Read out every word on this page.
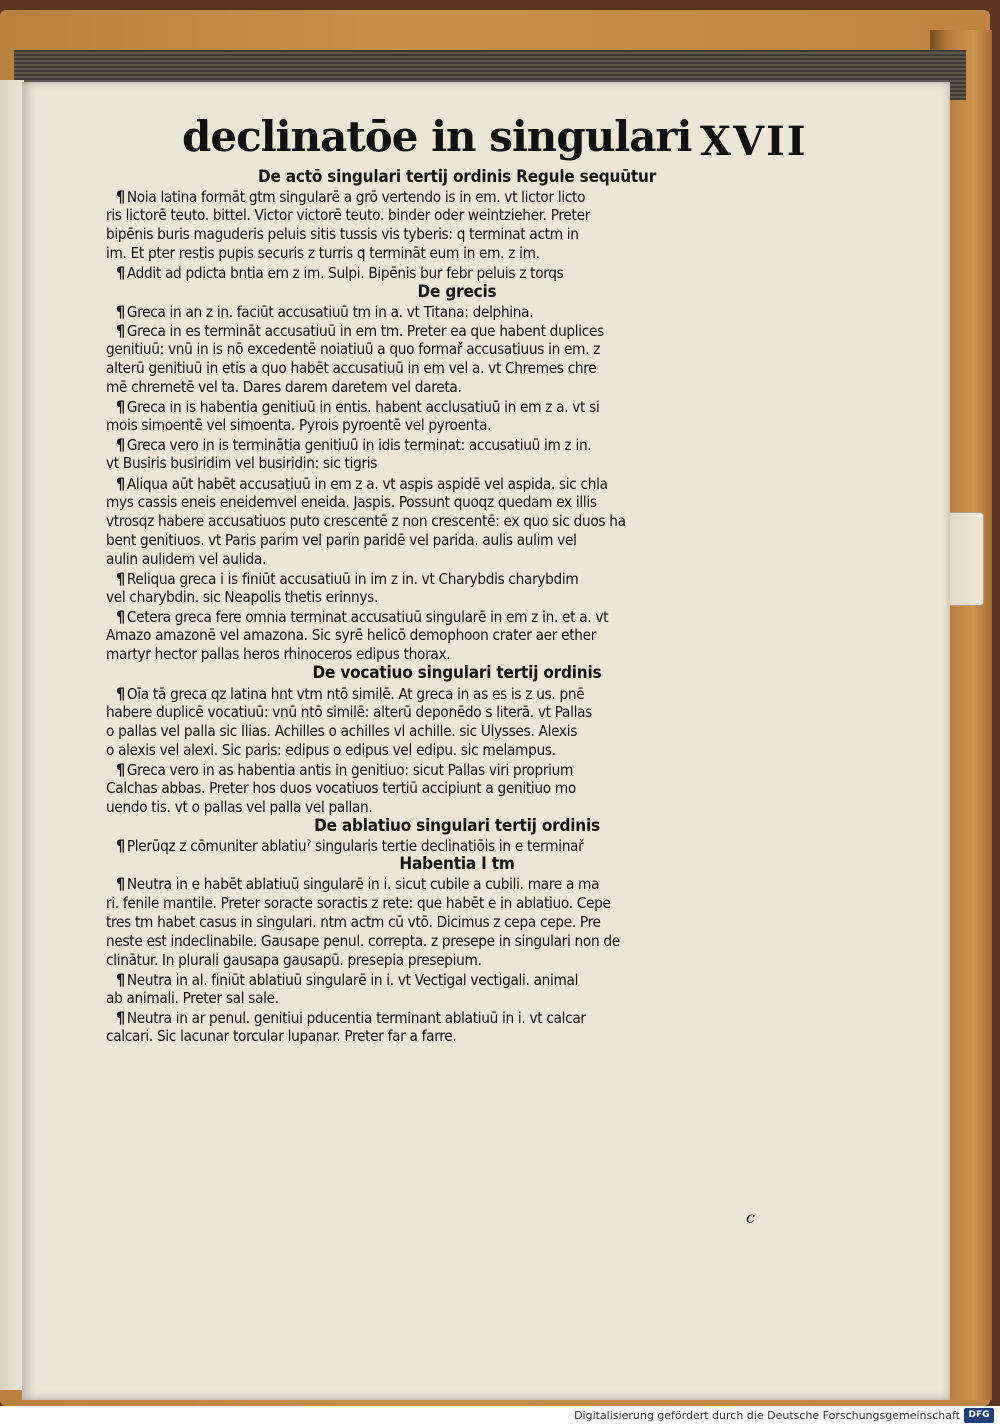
declinatōe in singulari XVII
De actō singulari tertij ordinis Regule sequūtur
¶ Noia latina formāt gtm singularē a grō vertendo is in em. vt lictor licto
ris lictorē teuto. bittel. Victor victorē teuto. binder oder weintzieher. Preter
bipēnis buris maguderis peluis sitis tussis vis tyberis: q terminat actm in
im. Et pter restis pupis securis z turris q termināt eum in em. z im.
¶ Addit ad pdicta bntia em z im. Sulpi. Bipēnis bur febr peluis z torqs
De grecis
¶ Greca in an z in. faciūt accusatiuū tm in a. vt Titana: delphina.
¶ Greca in es termināt accusatiuū in em tm. Preter ea que habent duplices
genitiuū: vnū in is nō excedentē noiatiuū a quo formař accusatiuus in em. z
alterū genitiuū in etis a quo habēt accusatiuū in em vel a. vt Chremes chre
mē chremetē vel ta. Dares darem daretem vel dareta.
¶ Greca in is habentia genitiuū in entis. habent acclusatiuū in em z a. vt si
mois simoentē vel simoenta. Pyrois pyroentē vel pyroenta.
¶ Greca vero in is terminātia genitiuū in idis terminat: accusatiuū im z in.
vt Busiris busiridim vel busiridin: sic tigris
¶ Aliqua aūt habēt accusatiuū in em z a. vt aspis aspidē vel aspida. sic chla
mys cassis eneis eneidemvel eneida. Jaspis. Possunt quoqz quedam ex illis
vtrosqz habere accusatiuos puto crescentē z non crescentē: ex quo sic duos ha
bent genitiuos. vt Paris parim vel parin paridē vel parida. aulis aulim vel
aulin aulidem vel aulida.
¶ Reliqua greca i is finiūt accusatiuū in im z in. vt Charybdis charybdim
vel charybdin. sic Neapolis thetis erinnys.
¶ Cetera greca fere omnia terminat accusatiuū singularē in em z in. et a. vt
Amazo amazonē vel amazona. Sic syrē helicō demophoon crater aer ether
martyr hector pallas heros rhinoceros edipus thorax.
De vocatiuo singulari tertij ordinis
¶ Oīa tā greca qz latina hnt vtm ntō similē. At greca in as es is z us. pnē
habere duplicē vocatiuū: vnū ntō similē: alterū deponēdo s literā. vt Pallas
o pallas vel palla sic Ilias. Achilles o achilles vl achille. sic Ulysses. Alexis
o alexis vel alexi. Sic paris: edipus o edipus vel edipu. sic melampus.
¶ Greca vero in as habentia antis in genitiuo: sicut Pallas viri proprium
Calchas abbas. Preter hos duos vocatiuos tertiū accipiunt a genitiuo mo
uendo tis. vt o pallas vel palla vel pallan.
De ablatiuo singulari tertij ordinis
¶ Plerūqz z cōmuniter ablatiuˀ singularis tertie declinatiōis in e terminař
Habentia I tm
¶ Neutra in e habēt ablatiuū singularē in i. sicut cubile a cubili. mare a ma
ri. fenile mantile. Preter soracte soractis z rete: que habēt e in ablatiuo. Cepe
tres tm habet casus in singulari. ntm actm cū vtō. Dicimus z cepa cepe. Pre
neste est indeclinabile. Gausape penul. correpta. z presepe in singulari non de
clinātur. In plurali gausapa gausapū. presepia presepium.
¶ Neutra in al. finiūt ablatiuū singularē in i. vt Vectigal vectigali. animal
ab animali. Preter sal sale.
¶ Neutra in ar penul. genitiui pducentia terminant ablatiuū in i. vt calcar
calcari. Sic lacunar torcular lupanar. Preter far a farre.
c
Digitalisierung gefördert durch die Deutsche Forschungsgemeinschaft DFG
